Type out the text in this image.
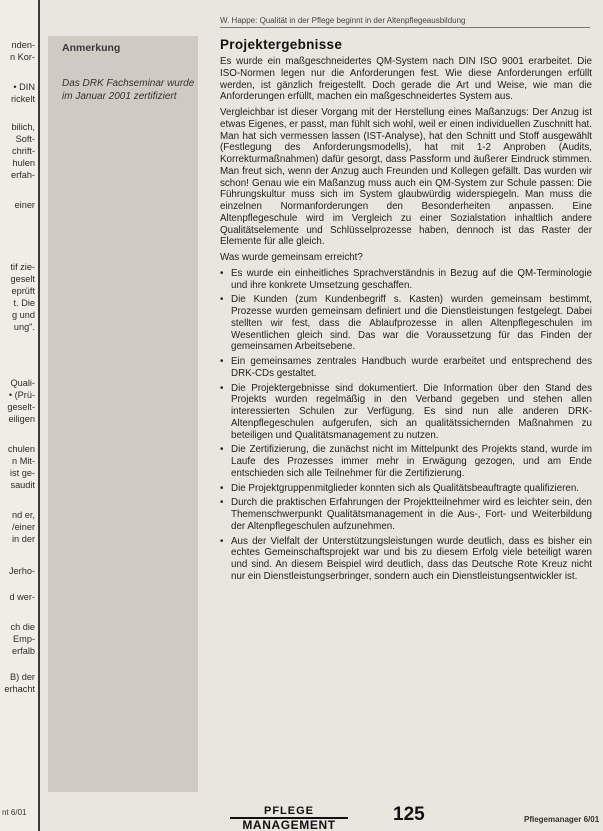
nden-
n Kor-
• DIN
rickelt
bilich,
Soft-
chrift-
hulen
erfah-
einer
tif zie-
geselt
eprüft
t. Die
g und
ung".
Quali-
• (Prü-
geselt-
eiligen
chulen
n Mit-
ist ge-
saudit
nd er,
/einer
in der
Jerho-
d wer-
ch die
Emp-
erfalb
B) der
erhacht
nt 6/01
Anmerkung
Das DRK Fachseminar wurde im Januar 2001 zertifiziert
W. Happe: Qualität in der Pflege beginnt in der Altenpflegeausbildung
Projektergebnisse

Es wurde ein maßgeschneidertes QM-System nach DIN ISO 9001 erarbeitet. Die ISO-Normen legen nur die Anforderungen fest. Wie diese Anforderungen erfüllt werden, ist gänzlich freigestellt. Doch gerade die Art und Weise, wie man die Anforderungen erfüllt, machen ein maßgeschneidertes System aus.

Vergleichbar ist dieser Vorgang mit der Herstellung eines Maßanzugs: Der Anzug ist etwas Eigenes, er passt, man fühlt sich wohl, weil er einen individuellen Zuschnitt hat. Man hat sich vermessen lassen (IST-Analyse), hat den Schnitt und Stoff ausgewählt (Festlegung des Anforderungsmodells), hat mit 1-2 Anproben (Audits, Korrekturmaßnahmen) dafür gesorgt, dass Passform und äußerer Eindruck stimmen. Man freut sich, wenn der Anzug auch Freunden und Kollegen gefällt. Das wurden wir schon! Genau wie ein Maßanzug muss auch ein QM-System zur Schule passen: Die Führungskultur muss sich im System glaubwürdig widerspiegeln. Man muss die einzelnen Normanforderungen den Besonderheiten anpassen. Eine Altenpflegeschule wird im Vergleich zu einer Sozialstation inhaltlich andere Qualitätselemente und Schlüsselprozesse haben, dennoch ist das Raster der Elemente für alle gleich.

Was wurde gemeinsam erreicht?

• Es wurde ein einheitliches Sprachverständnis in Bezug auf die QM-Terminologie und ihre konkrete Umsetzung geschaffen.
• Die Kunden (zum Kundenbegriff s. Kasten) wurden gemeinsam bestimmt, Prozesse wurden gemeinsam definiert und die Dienstleistungen festgelegt. Dabei stellten wir fest, dass die Ablaufprozesse in allen Altenpflegeschulen im Wesentlichen gleich sind. Das war die Voraussetzung für das Finden der gemeinsamen Arbeitsebene.
• Ein gemeinsames zentrales Handbuch wurde erarbeitet und entsprechend des DRK-CDs gestaltet.
• Die Projektergebnisse sind dokumentiert. Die Information über den Stand des Projekts wurden regelmäßig in den Verband gegeben und stehen allen interessierten Schulen zur Verfügung. Es sind nun alle anderen DRK-Altenpflegeschulen aufgerufen, sich an qualitätssichernden Maßnahmen zu beteiligen und Qualitätsmanagement zu nutzen.
• Die Zertifizierung, die zunächst nicht im Mittelpunkt des Projekts stand, wurde im Laufe des Prozesses immer mehr in Erwägung gezogen, und am Ende entschieden sich alle Teilnehmer für die Zertifizierung.
• Die Projektgruppenmitglieder konnten sich als Qualitätsbeauftragte qualifizieren.
• Durch die praktischen Erfahrungen der Projektteilnehmer wird es leichter sein, den Themenschwerpunkt Qualitätsmanagement in die Aus-, Fort- und Weiterbildung der Altenpflegeschulen aufzunehmen.
• Aus der Vielfalt der Unterstützungsleistungen wurde deutlich, dass es bisher ein echtes Gemeinschaftsprojekt war und bis zu diesem Erfolg viele beteiligt waren und sind. An diesem Beispiel wird deutlich, dass das Deutsche Rote Kreuz nicht nur ein Dienstleistungserbringer, sondern auch ein Dienstleistungsentwickler ist.
PFLEGE
MANAGEMENT	125	Pflegemanager 6/01
